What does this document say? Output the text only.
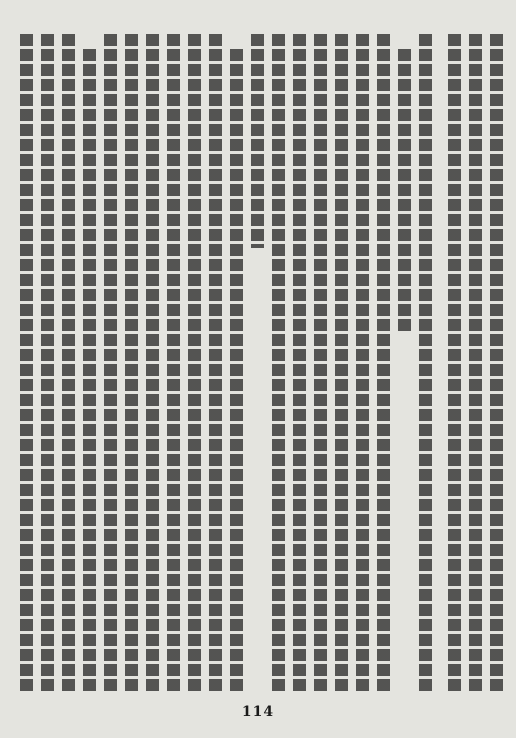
114
